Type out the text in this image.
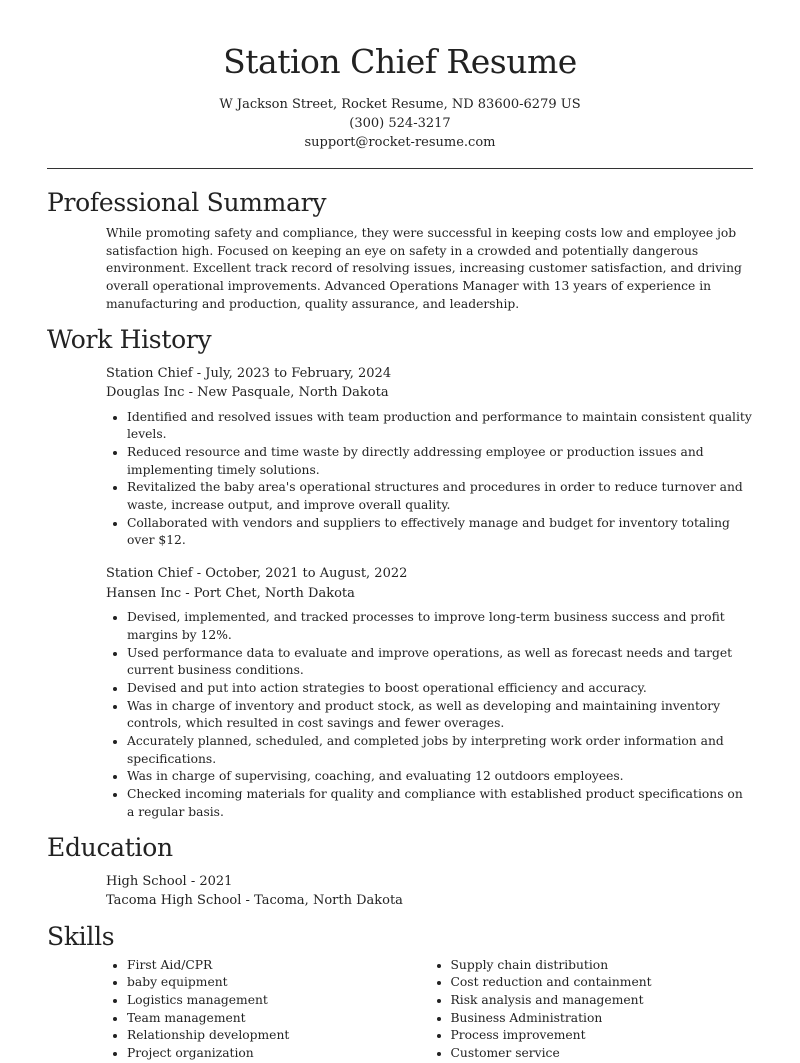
Station Chief Resume
W Jackson Street, Rocket Resume, ND 83600-6279 US
(300) 524-3217
support@rocket-resume.com
Professional Summary

While promoting safety and compliance, they were successful in keeping costs low and employee job satisfaction high. Focused on keeping an eye on safety in a crowded and potentially dangerous environment. Excellent track record of resolving issues, increasing customer satisfaction, and driving overall operational improvements. Advanced Operations Manager with 13 years of experience in manufacturing and production, quality assurance, and leadership.

Work History
Station Chief - July, 2023 to February, 2024
Douglas Inc - New Pasquale, North Dakota
• Identified and resolved issues with team production and performance to maintain consistent quality levels.
• Reduced resource and time waste by directly addressing employee or production issues and implementing timely solutions.
• Revitalized the baby area's operational structures and procedures in order to reduce turnover and waste, increase output, and improve overall quality.
• Collaborated with vendors and suppliers to effectively manage and budget for inventory totaling over $12.
Station Chief - October, 2021 to August, 2022
Hansen Inc - Port Chet, North Dakota
• Devised, implemented, and tracked processes to improve long-term business success and profit margins by 12%.
• Used performance data to evaluate and improve operations, as well as forecast needs and target current business conditions.
• Devised and put into action strategies to boost operational efficiency and accuracy.
• Was in charge of inventory and product stock, as well as developing and maintaining inventory controls, which resulted in cost savings and fewer overages.
• Accurately planned, scheduled, and completed jobs by interpreting work order information and specifications.
• Was in charge of supervising, coaching, and evaluating 12 outdoors employees.
• Checked incoming materials for quality and compliance with established product specifications on a regular basis.
Education
High School - 2021
Tacoma High School - Tacoma, North Dakota
Skills
• First Aid/CPR
• baby equipment
• Logistics management
• Team management
• Relationship development
• Project organization
• Supply chain distribution
• Cost reduction and containment
• Risk analysis and management
• Business Administration
• Process improvement
• Customer service
